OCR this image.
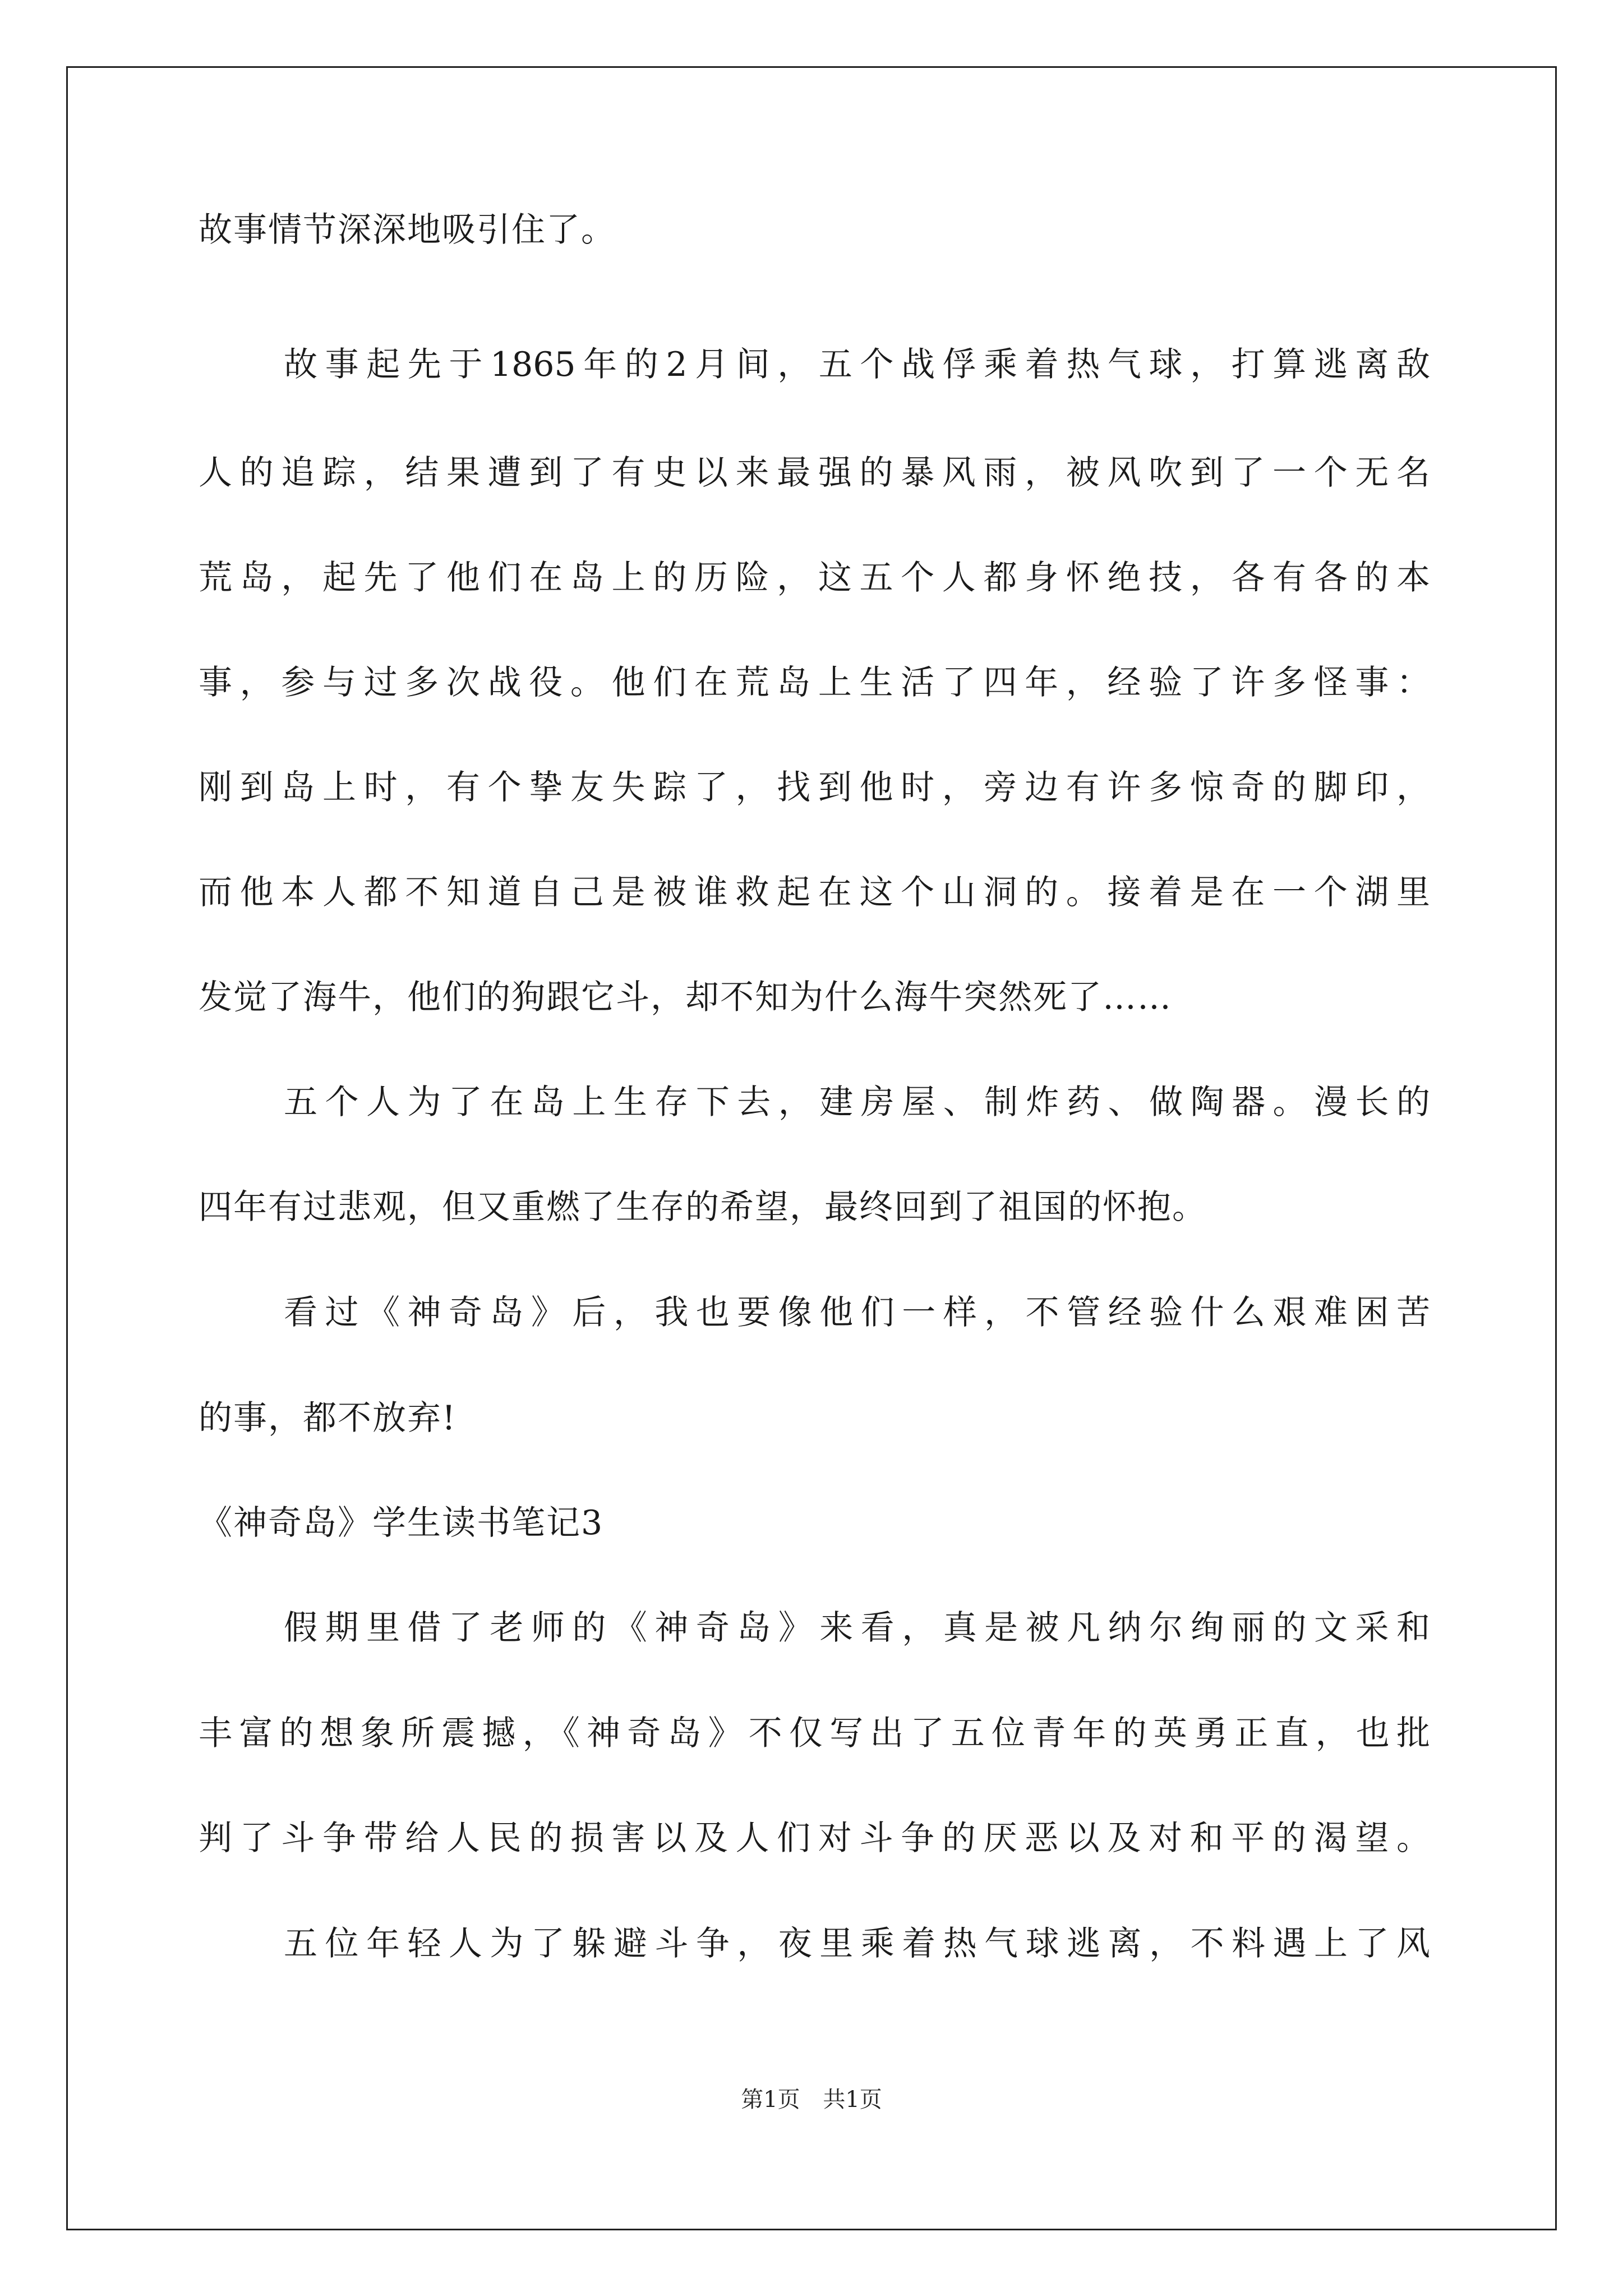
故事情节深深地吸引住了。
故事起先于1865年的2月间，五个战俘乘着热气球，打算逃离敌
人的追踪，结果遭到了有史以来最强的暴风雨，被风吹到了一个无名
荒岛，起先了他们在岛上的历险，这五个人都身怀绝技，各有各的本
事，参与过多次战役。他们在荒岛上生活了四年，经验了许多怪事：
刚到岛上时，有个挚友失踪了，找到他时，旁边有许多惊奇的脚印，
而他本人都不知道自己是被谁救起在这个山洞的。接着是在一个湖里
发觉了海牛，他们的狗跟它斗，却不知为什么海牛突然死了……
五个人为了在岛上生存下去，建房屋、制炸药、做陶器。漫长的
四年有过悲观，但又重燃了生存的希望，最终回到了祖国的怀抱。
看过《神奇岛》后，我也要像他们一样，不管经验什么艰难困苦
的事，都不放弃!
《神奇岛》学生读书笔记3
假期里借了老师的《神奇岛》来看，真是被凡纳尔绚丽的文采和
丰富的想象所震撼，《神奇岛》不仅写出了五位青年的英勇正直，也批
判了斗争带给人民的损害以及人们对斗争的厌恶以及对和平的渴望。
五位年轻人为了躲避斗争，夜里乘着热气球逃离，不料遇上了风
第1页 共1页
